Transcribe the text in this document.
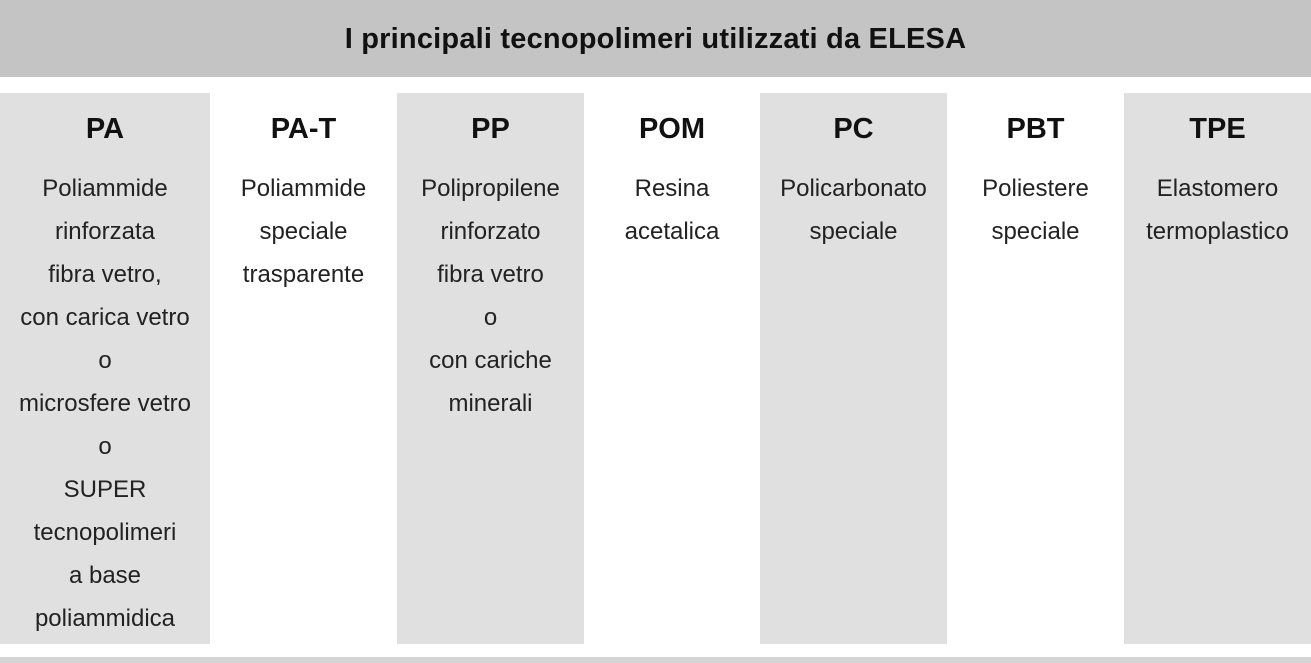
I principali tecnopolimeri utilizzati da ELESA
PA
Poliammide
rinforzata
fibra vetro,
con carica vetro
o
microsfere vetro
o
SUPER
tecnopolimeri
a base
poliammidica
PA-T
Poliammide
speciale
trasparente
PP
Polipropilene
rinforzato
fibra vetro
o
con cariche
minerali
POM
Resina
acetalica
PC
Policarbonato
speciale
PBT
Poliestere
speciale
TPE
Elastomero
termoplastico
